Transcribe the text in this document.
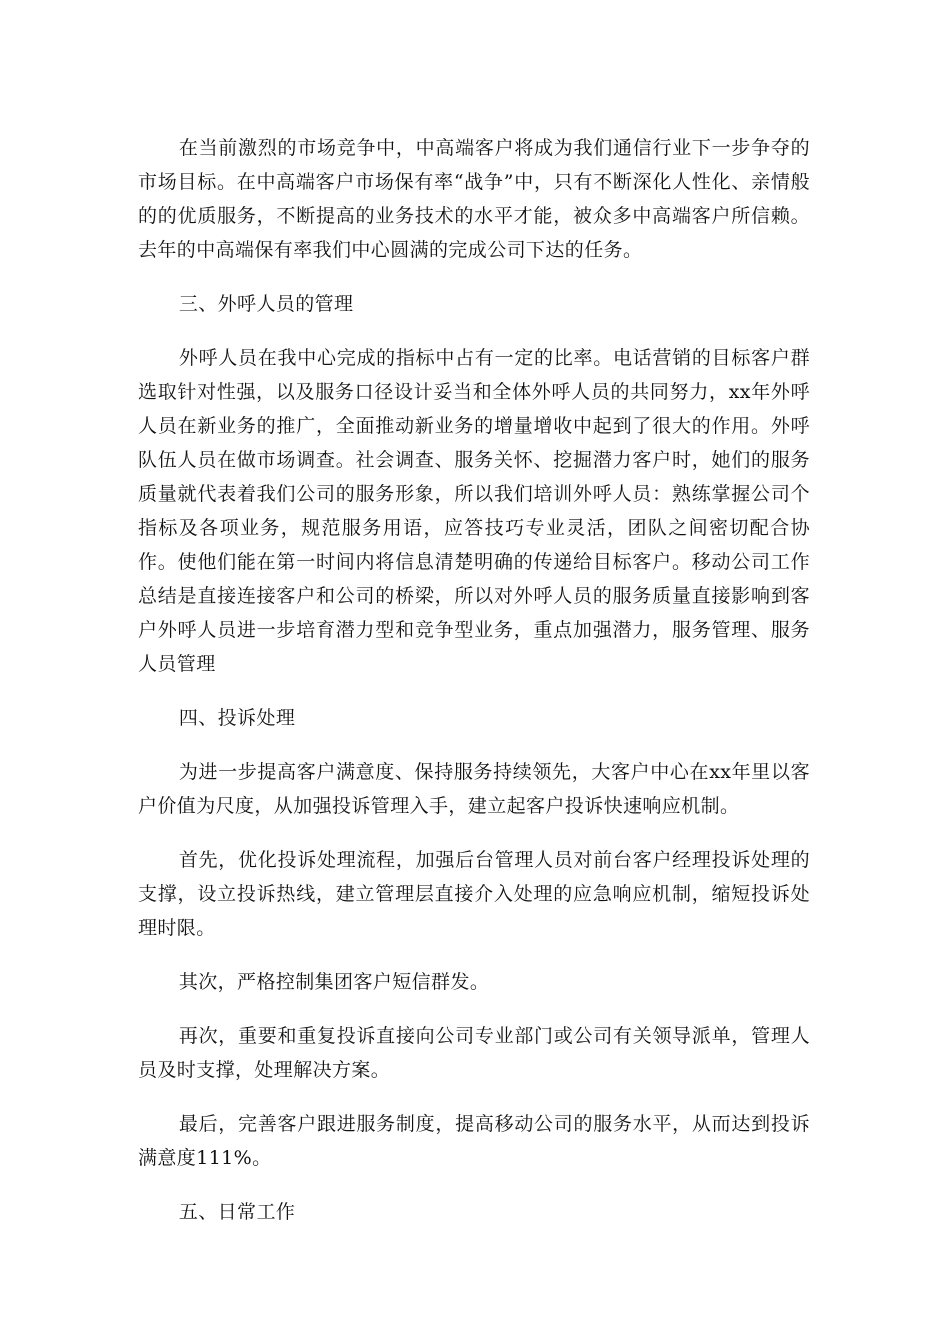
在当前激烈的市场竞争中，中高端客户将成为我们通信行业下一步争夺的市场目标。在中高端客户市场保有率“战争”中，只有不断深化人性化、亲情般的的优质服务，不断提高的业务技术的水平才能，被众多中高端客户所信赖。去年的中高端保有率我们中心圆满的完成公司下达的任务。

三、外呼人员的管理

外呼人员在我中心完成的指标中占有一定的比率。电话营销的目标客户群选取针对性强，以及服务口径设计妥当和全体外呼人员的共同努力，xx年外呼人员在新业务的推广，全面推动新业务的增量增收中起到了很大的作用。外呼队伍人员在做市场调查。社会调查、服务关怀、挖掘潜力客户时，她们的服务质量就代表着我们公司的服务形象，所以我们培训外呼人员：熟练掌握公司个指标及各项业务，规范服务用语，应答技巧专业灵活，团队之间密切配合协作。使他们能在第一时间内将信息清楚明确的传递给目标客户。移动公司工作总结是直接连接客户和公司的桥梁，所以对外呼人员的服务质量直接影响到客户外呼人员进一步培育潜力型和竞争型业务，重点加强潜力，服务管理、服务人员管理

四、投诉处理

为进一步提高客户满意度、保持服务持续领先，大客户中心在xx年里以客户价值为尺度，从加强投诉管理入手，建立起客户投诉快速响应机制。

首先，优化投诉处理流程，加强后台管理人员对前台客户经理投诉处理的支撑，设立投诉热线，建立管理层直接介入处理的应急响应机制，缩短投诉处理时限。

其次，严格控制集团客户短信群发。

再次，重要和重复投诉直接向公司专业部门或公司有关领导派单，管理人员及时支撑，处理解决方案。

最后，完善客户跟进服务制度，提高移动公司的服务水平，从而达到投诉满意度111%。

五、日常工作
